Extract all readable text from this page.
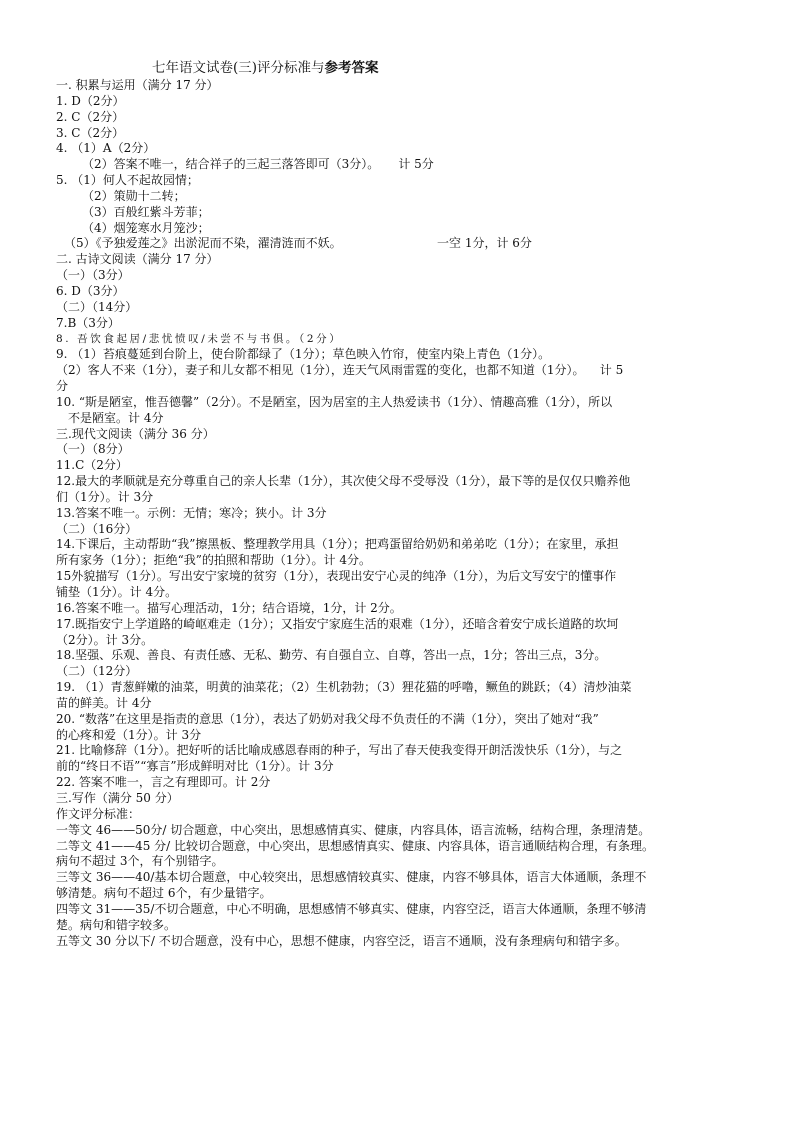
七年语文试卷(三)评分标准与参考答案
一. 积累与运用（满分 17 分）
1. D（2分）
2. C（2分）
3. C（2分）
4. （1）A（2分）
（2）答案不唯一，结合祥子的三起三落答即可（3分）。     计 5分
5. （1）何人不起故园情；
（2）策勋十二转；
（3）百般红紫斗芳菲；
（4）烟笼寒水月笼沙；
（5）《予独爱莲之》出淤泥而不染，濯清涟而不妖。                         一空 1分，计 6分
二. 古诗文阅读（满分 17 分）
（一）（3分）
6. D（3分）
（二）（14分）
7.B（3分）
8. 吾饮食起居/悲忧愤叹/未尝不与书俱。（2分）
9. （1）苔痕蔓延到台阶上，使台阶都绿了（1分）；草色映入竹帘，使室内染上青色（1分）。
（2）客人不来（1分），妻子和儿女都不相见（1分），连天气风雨雷霆的变化，也都不知道（1分）。    计 5
分
10. “斯是陋室，惟吾德馨”（2分）。不是陋室，因为居室的主人热爱读书（1分）、情趣高雅（1分），所以
不是陋室。计 4分
三.现代文阅读（满分 36 分）
（一）（8分）
11.C（2分）
12.最大的孝顺就是充分尊重自己的亲人长辈（1分），其次使父母不受辱没（1分），最下等的是仅仅只赡养他
们（1分）。计 3分
13.答案不唯一。示例：无情；寒冷；狭小。计 3分
（二）（16分）
14.下课后，主动帮助“我”擦黑板、整理教学用具（1分）；把鸡蛋留给奶奶和弟弟吃（1分）；在家里，承担
所有家务（1分）；拒绝“我”的拍照和帮助（1分）。计 4分。
15外貌描写（1分）。写出安宁家境的贫穷（1分），表现出安宁心灵的纯净（1分），为后文写安宁的懂事作
铺垫（1分）。计 4分。
16.答案不唯一。描写心理活动，1分；结合语境，1分，计 2分。
17.既指安宁上学道路的崎岖难走（1分）；又指安宁家庭生活的艰难（1分），还暗含着安宁成长道路的坎坷
（2分）。计 3分。
18.坚强、乐观、善良、有责任感、无私、勤劳、有自强自立、自尊，答出一点，1分；答出三点，3分。
（二）（12分）
19. （1）青葱鲜嫩的油菜，明黄的油菜花；（2）生机勃勃；（3）狸花猫的呼噜，鳜鱼的跳跃；（4）清炒油菜
苗的鲜美。计 4分
20. “数落”在这里是指责的意思（1分），表达了奶奶对我父母不负责任的不满（1分），突出了她对“我”
的心疼和爱（1分）。计 3分
21. 比喻修辞（1分）。把好听的话比喻成感恩春雨的种子，写出了春天使我变得开朗活泼快乐（1分），与之
前的“终日不语”“寡言”形成鲜明对比（1分）。计 3分
22. 答案不唯一，言之有理即可。计 2分
三.写作（满分 50 分）
作文评分标准：
一等文 46——50分/ 切合题意，中心突出，思想感情真实、健康，内容具体，语言流畅，结构合理，条理清楚。
二等文 41——45 分/ 比较切合题意，中心突出，思想感情真实、健康、内容具体，语言通顺结构合理，有条理。
病句不超过 3个，有个别错字。
三等文 36——40/基本切合题意，中心较突出，思想感情较真实、健康，内容不够具体，语言大体通顺，条理不
够清楚。病句不超过 6个，有少量错字。
四等文 31——35/不切合题意，中心不明确，思想感情不够真实、健康，内容空泛，语言大体通顺，条理不够清
楚。病句和错字较多。
五等文 30 分以下/ 不切合题意，没有中心，思想不健康，内容空泛，语言不通顺，没有条理病句和错字多。
